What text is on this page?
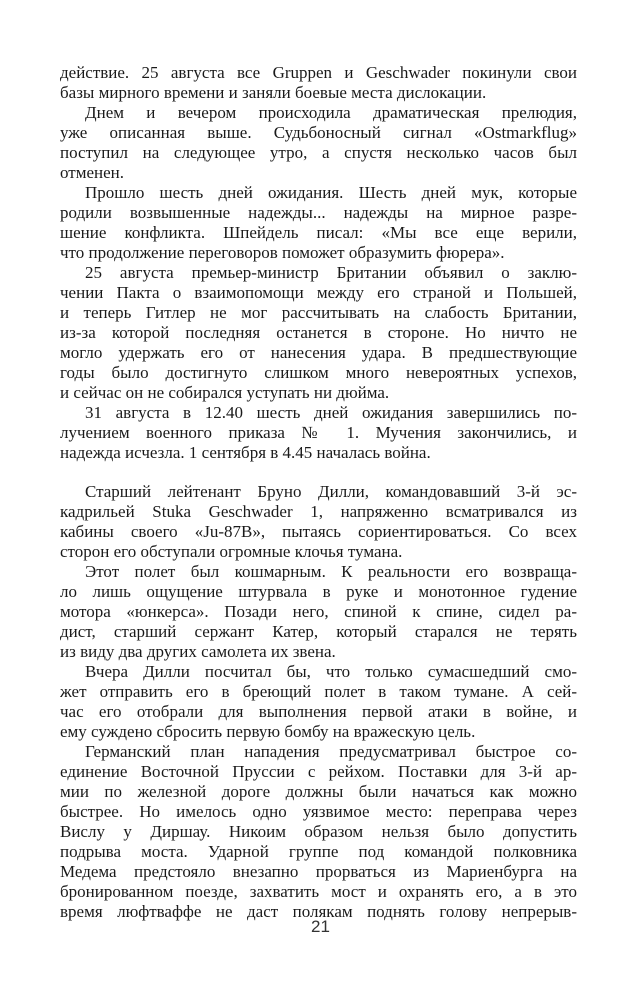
действие. 25 августа все Gruppen и Geschwader покинули свои
базы мирного времени и заняли боевые места дислокации.
Днем и вечером происходила драматическая прелюдия,
уже описанная выше. Судьбоносный сигнал «Ostmarkflug»
поступил на следующее утро, а спустя несколько часов был
отменен.
Прошло шесть дней ожидания. Шесть дней мук, которые
родили возвышенные надежды... надежды на мирное разре-
шение конфликта. Шпейдель писал: «Мы все еще верили,
что продолжение переговоров поможет образумить фюрера».
25 августа премьер-министр Британии объявил о заклю-
чении Пакта о взаимопомощи между его страной и Польшей,
и теперь Гитлер не мог рассчитывать на слабость Британии,
из-за которой последняя останется в стороне. Но ничто не
могло удержать его от нанесения удара. В предшествующие
годы было достигнуто слишком много невероятных успехов,
и сейчас он не собирался уступать ни дюйма.
31 августа в 12.40 шесть дней ожидания завершились по-
лучением военного приказа № 1. Мучения закончились, и
надежда исчезла. 1 сентября в 4.45 началась война.
Старший лейтенант Бруно Дилли, командовавший 3-й эс-
кадрильей Stuka Geschwader 1, напряженно всматривался из
кабины своего «Ju-87B», пытаясь сориентироваться. Со всех
сторон его обступали огромные клочья тумана.
Этот полет был кошмарным. К реальности его возвраща-
ло лишь ощущение штурвала в руке и монотонное гудение
мотора «юнкерса». Позади него, спиной к спине, сидел ра-
дист, старший сержант Катер, который старался не терять
из виду два других самолета их звена.
Вчера Дилли посчитал бы, что только сумасшедший смо-
жет отправить его в бреющий полет в таком тумане. А сей-
час его отобрали для выполнения первой атаки в войне, и
ему суждено сбросить первую бомбу на вражескую цель.
Германский план нападения предусматривал быстрое со-
единение Восточной Пруссии с рейхом. Поставки для 3-й ар-
мии по железной дороге должны были начаться как можно
быстрее. Но имелось одно уязвимое место: переправа через
Вислу у Диршау. Никоим образом нельзя было допустить
подрыва моста. Ударной группе под командой полковника
Медема предстояло внезапно прорваться из Мариенбурга на
бронированном поезде, захватить мост и охранять его, а в это
время люфтваффе не даст полякам поднять голову непрерыв-
21
